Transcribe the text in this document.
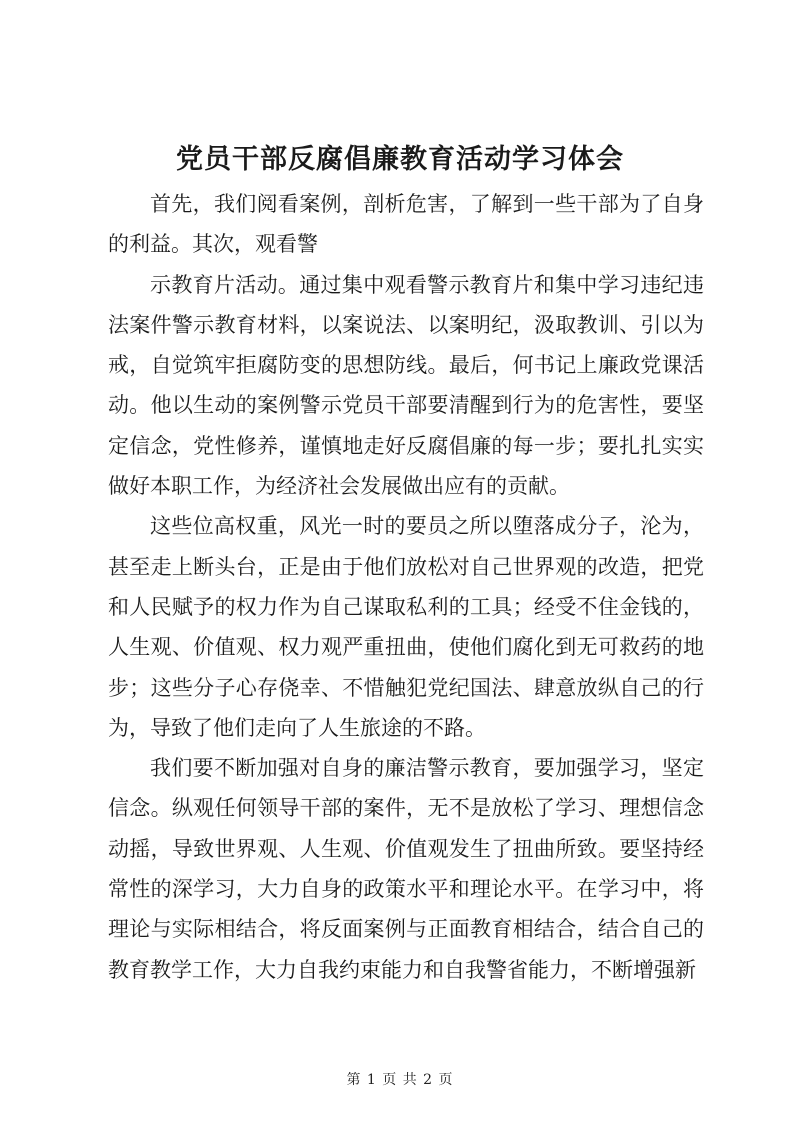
党员干部反腐倡廉教育活动学习体会

首先，我们阅看案例，剖析危害，了解到一些干部为了自身的利益。其次，观看警

示教育片活动。通过集中观看警示教育片和集中学习违纪违法案件警示教育材料，以案说法、以案明纪，汲取教训、引以为戒，自觉筑牢拒腐防变的思想防线。最后，何书记上廉政党课活动。他以生动的案例警示党员干部要清醒到行为的危害性，要坚定信念，党性修养，谨慎地走好反腐倡廉的每一步；要扎扎实实做好本职工作，为经济社会发展做出应有的贡献。

这些位高权重，风光一时的要员之所以堕落成分子，沦为，甚至走上断头台，正是由于他们放松对自己世界观的改造，把党和人民赋予的权力作为自己谋取私利的工具；经受不住金钱的，人生观、价值观、权力观严重扭曲，使他们腐化到无可救药的地步；这些分子心存侥幸、不惜触犯党纪国法、肆意放纵自己的行为，导致了他们走向了人生旅途的不路。

我们要不断加强对自身的廉洁警示教育，要加强学习，坚定信念。纵观任何领导干部的案件，无不是放松了学习、理想信念动摇，导致世界观、人生观、价值观发生了扭曲所致。要坚持经常性的深学习，大力自身的政策水平和理论水平。在学习中，将理论与实际相结合，将反面案例与正面教育相结合，结合自己的教育教学工作，大力自我约束能力和自我警省能力，不断增强新

第 1 页 共 2 页
